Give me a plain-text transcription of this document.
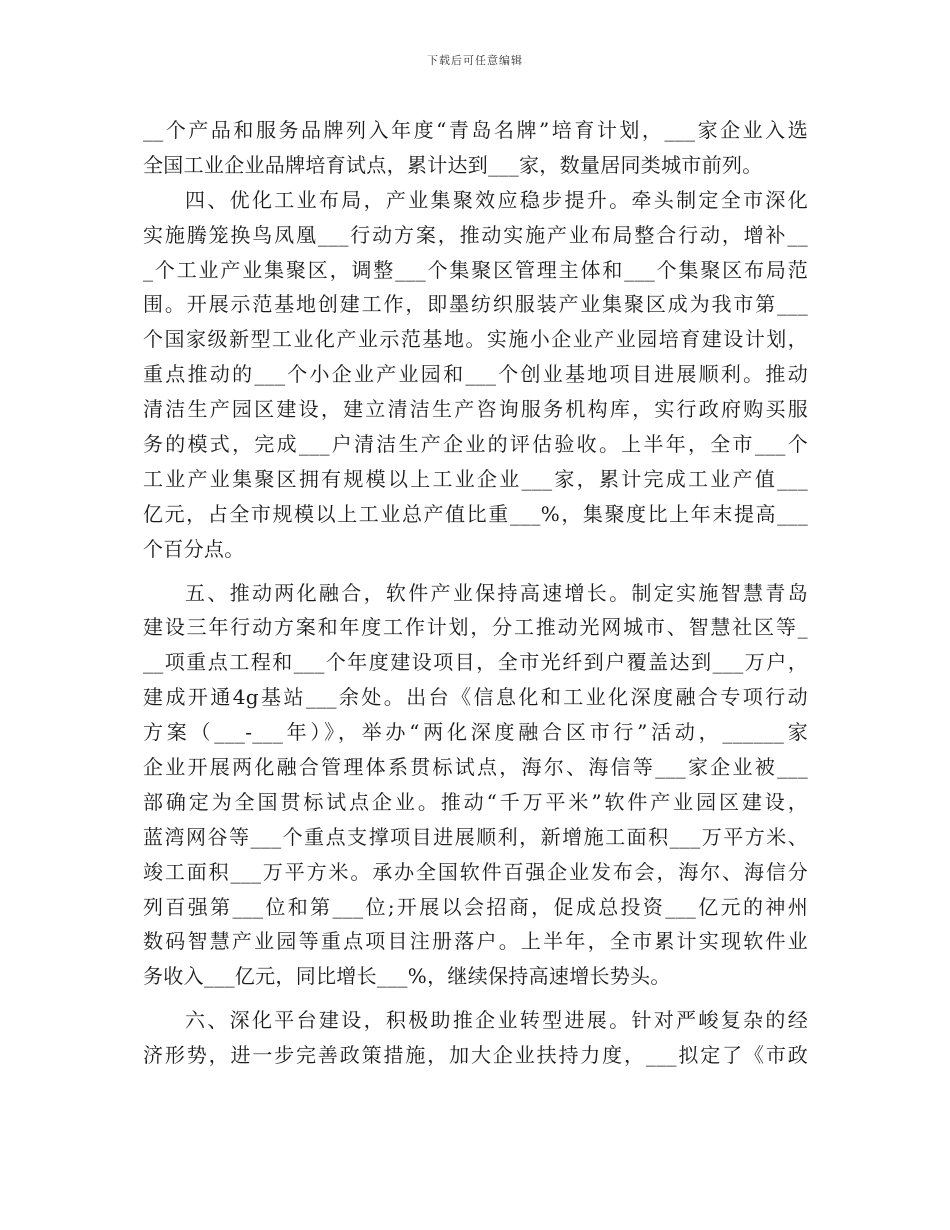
下载后可任意编辑
__个产品和服务品牌列入年度“青岛名牌”培育计划，___家企业入选
全国工业企业品牌培育试点，累计达到___家，数量居同类城市前列。
四、优化工业布局，产业集聚效应稳步提升。牵头制定全市深化
实施腾笼换鸟凤凰___行动方案，推动实施产业布局整合行动，增补__
_个工业产业集聚区，调整___个集聚区管理主体和___个集聚区布局范
围。开展示范基地创建工作，即墨纺织服装产业集聚区成为我市第___
个国家级新型工业化产业示范基地。实施小企业产业园培育建设计划，
重点推动的___个小企业产业园和___个创业基地项目进展顺利。推动
清洁生产园区建设，建立清洁生产咨询服务机构库，实行政府购买服
务的模式，完成___户清洁生产企业的评估验收。上半年，全市___个
工业产业集聚区拥有规模以上工业企业___家，累计完成工业产值___
亿元，占全市规模以上工业总产值比重___%，集聚度比上年末提高___
个百分点。
五、推动两化融合，软件产业保持高速增长。制定实施智慧青岛
建设三年行动方案和年度工作计划，分工推动光网城市、智慧社区等_
__项重点工程和___个年度建设项目，全市光纤到户覆盖达到___万户，
建成开通4g基站___余处。出台《信息化和工业化深度融合专项行动
方案（___-___年）》，举办“两化深度融合区市行”活动，______家
企业开展两化融合管理体系贯标试点，海尔、海信等___家企业被___
部确定为全国贯标试点企业。推动“千万平米”软件产业园区建设，
蓝湾网谷等___个重点支撑项目进展顺利，新增施工面积___万平方米、
竣工面积___万平方米。承办全国软件百强企业发布会，海尔、海信分
列百强第___位和第___位;开展以会招商，促成总投资___亿元的神州
数码智慧产业园等重点项目注册落户。上半年，全市累计实现软件业
务收入___亿元，同比增长___%，继续保持高速增长势头。
六、深化平台建设，积极助推企业转型进展。针对严峻复杂的经
济形势，进一步完善政策措施，加大企业扶持力度，___拟定了《市政
